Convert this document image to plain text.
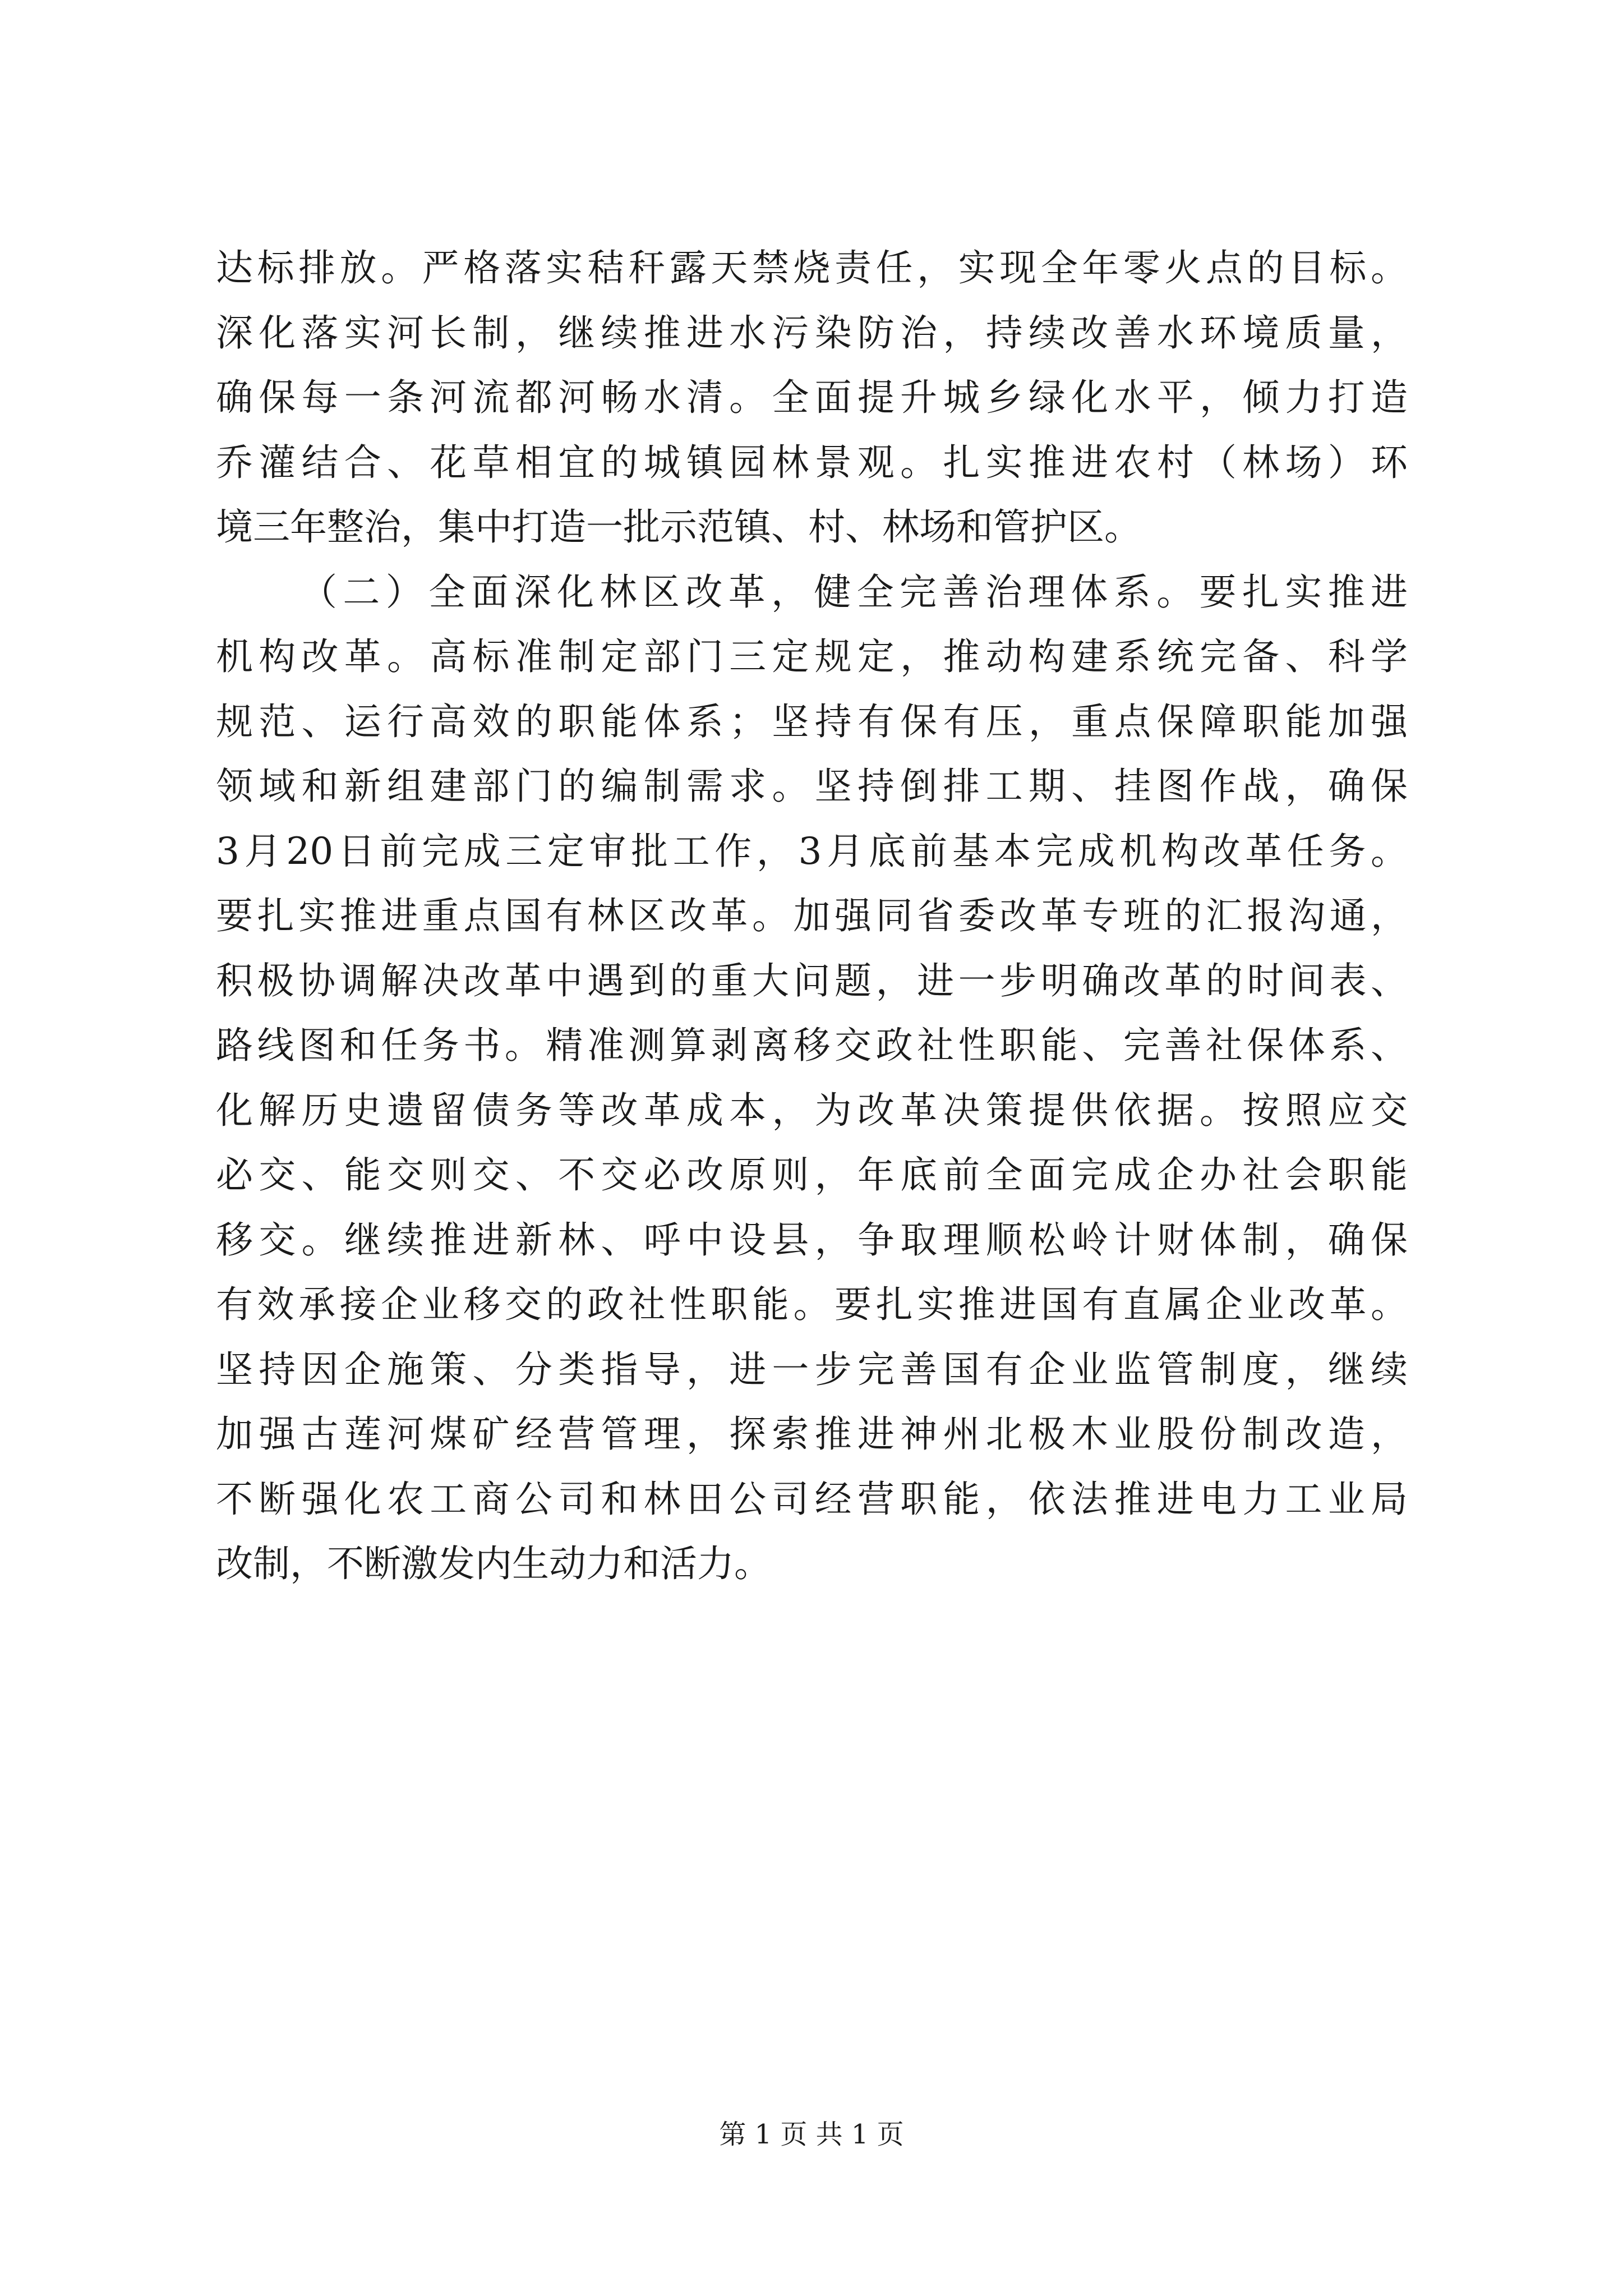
达标排放。严格落实秸秆露天禁烧责任，实现全年零火点的目标。
深化落实河长制，继续推进水污染防治，持续改善水环境质量，
确保每一条河流都河畅水清。全面提升城乡绿化水平，倾力打造
乔灌结合、花草相宜的城镇园林景观。扎实推进农村（林场）环
境三年整治，集中打造一批示范镇、村、林场和管护区。
（二）全面深化林区改革，健全完善治理体系。要扎实推进
机构改革。高标准制定部门三定规定，推动构建系统完备、科学
规范、运行高效的职能体系；坚持有保有压，重点保障职能加强
领域和新组建部门的编制需求。坚持倒排工期、挂图作战，确保
3月20日前完成三定审批工作，3月底前基本完成机构改革任务。
要扎实推进重点国有林区改革。加强同省委改革专班的汇报沟通，
积极协调解决改革中遇到的重大问题，进一步明确改革的时间表、
路线图和任务书。精准测算剥离移交政社性职能、完善社保体系、
化解历史遗留债务等改革成本，为改革决策提供依据。按照应交
必交、能交则交、不交必改原则，年底前全面完成企办社会职能
移交。继续推进新林、呼中设县，争取理顺松岭计财体制，确保
有效承接企业移交的政社性职能。要扎实推进国有直属企业改革。
坚持因企施策、分类指导，进一步完善国有企业监管制度，继续
加强古莲河煤矿经营管理，探索推进神州北极木业股份制改造，
不断强化农工商公司和林田公司经营职能，依法推进电力工业局
改制，不断激发内生动力和活力。
第 1 页 共 1 页
